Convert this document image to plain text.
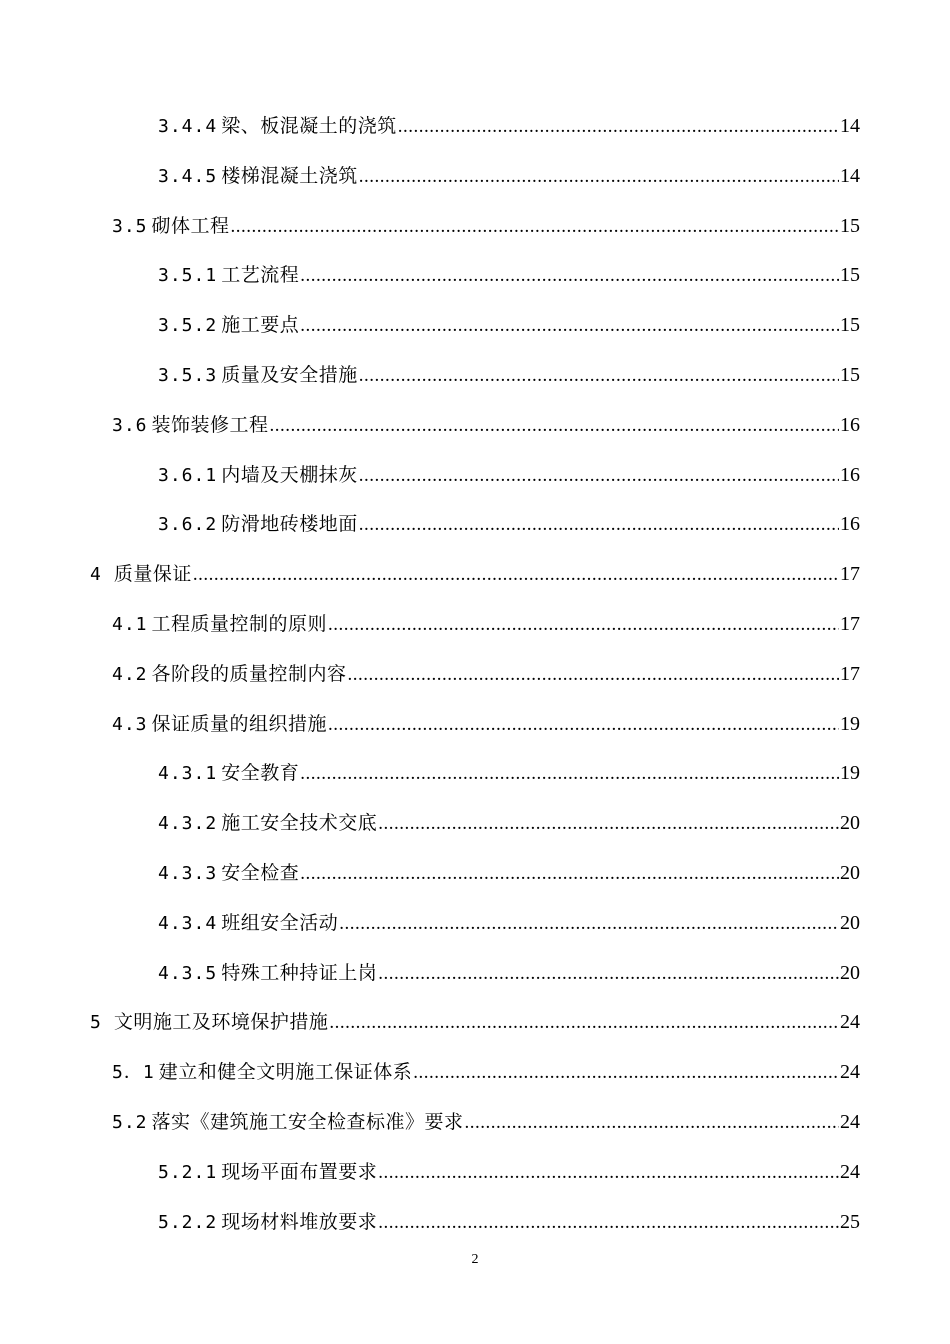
3.4.4 梁、板混凝土的浇筑 .....	14
3.4.5 楼梯混凝土浇筑 .....	14
3.5 砌体工程 .....	15
3.5.1 工艺流程 .....	15
3.5.2 施工要点 .....	15
3.5.3 质量及安全措施 .....	15
3.6 装饰装修工程 .....	16
3.6.1 内墙及天棚抹灰 .....	16
3.6.2 防滑地砖楼地面 .....	16
4 质量保证 .....	17
4.1 工程质量控制的原则 .....	17
4.2 各阶段的质量控制内容 .....	17
4.3 保证质量的组织措施 .....	19
4.3.1 安全教育 .....	19
4.3.2 施工安全技术交底 .....	20
4.3.3 安全检查 .....	20
4.3.4 班组安全活动 .....	20
4.3.5 特殊工种持证上岗 .....	20
5 文明施工及环境保护措施 .....	24
5．1 建立和健全文明施工保证体系 .....	24
5.2 落实《建筑施工安全检查标准》要求 .....	24
5.2.1 现场平面布置要求 .....	24
5.2.2 现场材料堆放要求 .....	25
2
